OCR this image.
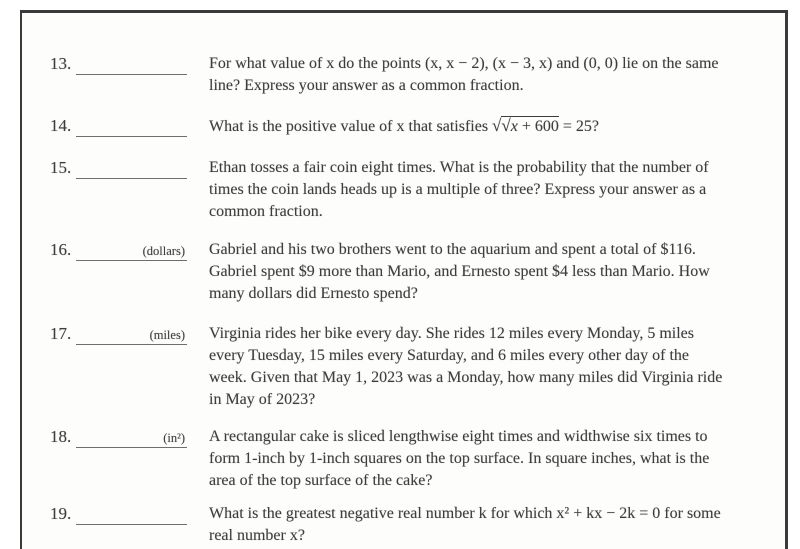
13.	For what value of x do the points (x, x − 2), (x − 3, x) and (0, 0) lie on the same
line? Express your answer as a common fraction.
14.	What is the positive value of x that satisfies √√x + 600 = 25?
15.	Ethan tosses a fair coin eight times. What is the probability that the number of
times the coin lands heads up is a multiple of three? Express your answer as a
common fraction.
16.	(dollars) Gabriel and his two brothers went to the aquarium and spent a total of $116.
Gabriel spent $9 more than Mario, and Ernesto spent $4 less than Mario. How
many dollars did Ernesto spend?
17.	(miles) Virginia rides her bike every day. She rides 12 miles every Monday, 5 miles
every Tuesday, 15 miles every Saturday, and 6 miles every other day of the
week. Given that May 1, 2023 was a Monday, how many miles did Virginia ride
in May of 2023?
18.	(in²) A rectangular cake is sliced lengthwise eight times and widthwise six times to
form 1-inch by 1-inch squares on the top surface. In square inches, what is the
area of the top surface of the cake?
19.	What is the greatest negative real number k for which x² + kx − 2k = 0 for some
real number x?
